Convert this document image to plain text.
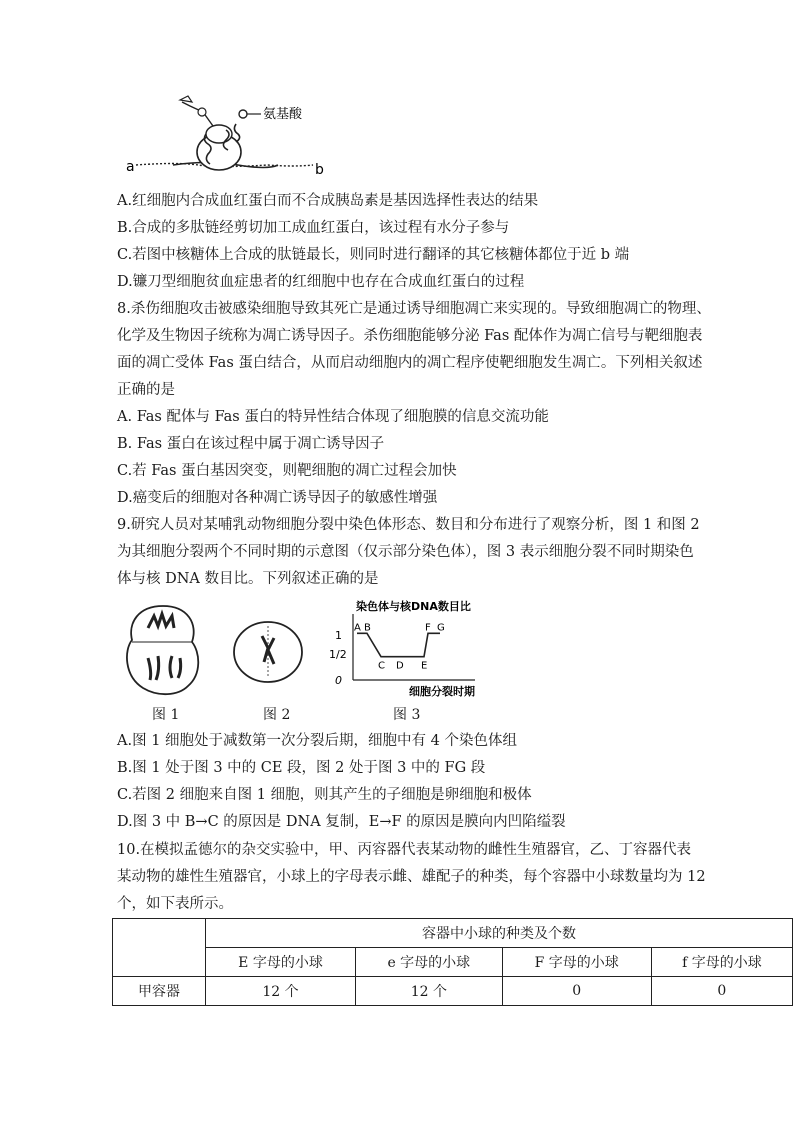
氨基酸
a	b
A.红细胞内合成血红蛋白而不合成胰岛素是基因选择性表达的结果
B.合成的多肽链经剪切加工成血红蛋白，该过程有水分子参与
C.若图中核糖体上合成的肽链最长，则同时进行翻译的其它核糖体都位于近 b 端
D.镰刀型细胞贫血症患者的红细胞中也存在合成血红蛋白的过程
8.杀伤细胞攻击被感染细胞导致其死亡是通过诱导细胞凋亡来实现的。导致细胞凋亡的物理、
化学及生物因子统称为凋亡诱导因子。杀伤细胞能够分泌 Fas 配体作为凋亡信号与靶细胞表
面的凋亡受体 Fas 蛋白结合，从而启动细胞内的凋亡程序使靶细胞发生凋亡。下列相关叙述
正确的是
A. Fas 配体与 Fas 蛋白的特异性结合体现了细胞膜的信息交流功能
B. Fas 蛋白在该过程中属于凋亡诱导因子
C.若 Fas 蛋白基因突变，则靶细胞的凋亡过程会加快
D.癌变后的细胞对各种凋亡诱导因子的敏感性增强
9.研究人员对某哺乳动物细胞分裂中染色体形态、数目和分布进行了观察分析，图 1 和图 2
为其细胞分裂两个不同时期的示意图（仅示部分染色体），图 3 表示细胞分裂不同时期染色
体与核 DNA 数目比。下列叙述正确的是
染色体与核DNA数目比
1
1/2
0
A B
C D E
F G
细胞分裂时期
图 1	图 2	图 3
A.图 1 细胞处于减数第一次分裂后期，细胞中有 4 个染色体组
B.图 1 处于图 3 中的 CE 段，图 2 处于图 3 中的 FG 段
C.若图 2 细胞来自图 1 细胞，则其产生的子细胞是卵细胞和极体
D.图 3 中 B→C 的原因是 DNA 复制，E→F 的原因是膜向内凹陷缢裂
10.在模拟孟德尔的杂交实验中，甲、丙容器代表某动物的雌性生殖器官，乙、丁容器代表
某动物的雄性生殖器官，小球上的字母表示雌、雄配子的种类，每个容器中小球数量均为 12
个，如下表所示。
	容器中小球的种类及个数			
	E 字母的小球	e 字母的小球	F 字母的小球	f 字母的小球
甲容器	12 个	12 个	0	0
